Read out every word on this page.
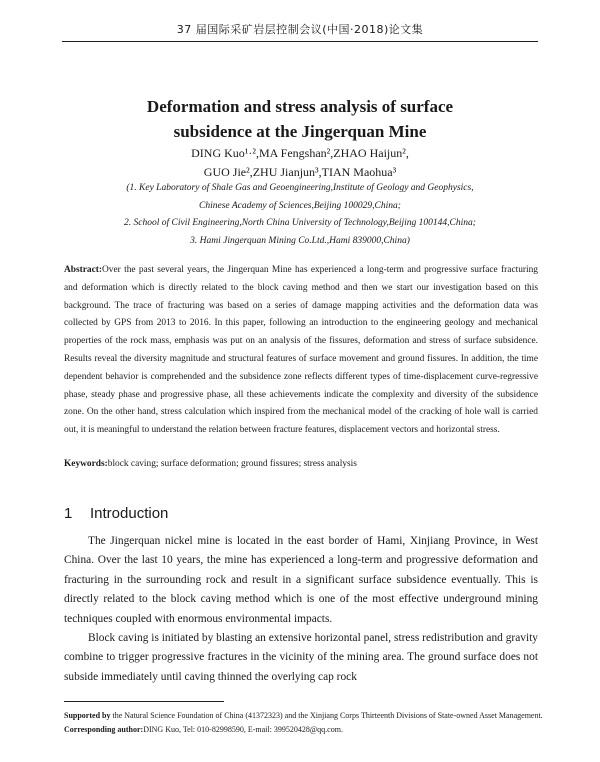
37 届国际采矿岩层控制会议(中国·2018)论文集
Deformation and stress analysis of surface
subsidence at the Jingerquan Mine
DING Kuo¹·²,MA Fengshan²,ZHAO Haijun²,
GUO Jie²,ZHU Jianjun³,TIAN Maohua³
(1. Key Laboratory of Shale Gas and Geoengineering,Institute of Geology and Geophysics,
Chinese Academy of Sciences,Beijing 100029,China;
2. School of Civil Engineering,North China University of Technology,Beijing 100144,China;
3. Hami Jingerquan Mining Co.Ltd.,Hami 839000,China)
Abstract:Over the past several years, the Jingerquan Mine has experienced a long-term and progressive surface fracturing and deformation which is directly related to the block caving method and then we start our investigation based on this background. The trace of fracturing was based on a series of damage mapping activities and the deformation data was collected by GPS from 2013 to 2016. In this paper, following an introduction to the engineering geology and mechanical properties of the rock mass, emphasis was put on an analysis of the fissures, deformation and stress of surface subsidence. Results reveal the diversity magnitude and structural features of surface movement and ground fissures. In addition, the time dependent behavior is comprehended and the subsidence zone reflects different types of time-displacement curve-regressive phase, steady phase and progressive phase, all these achievements indicate the complexity and diversity of the subsidence zone. On the other hand, stress calculation which inspired from the mechanical model of the cracking of hole wall is carried out, it is meaningful to understand the relation between fracture features, displacement vectors and horizontal stress.
Keywords:block caving; surface deformation; ground fissures; stress analysis
1 Introduction

The Jingerquan nickel mine is located in the east border of Hami, Xinjiang Province, in West China. Over the last 10 years, the mine has experienced a long-term and progressive deformation and fracturing in the surrounding rock and result in a significant surface subsidence eventually. This is directly related to the block caving method which is one of the most effective underground mining techniques coupled with enormous environmental impacts.

Block caving is initiated by blasting an extensive horizontal panel, stress redistribution and gravity combine to trigger progressive fractures in the vicinity of the mining area. The ground surface does not subside immediately until caving thinned the overlying cap rock

Supported by the Natural Science Foundation of China (41372323) and the Xinjiang Corps Thirteenth Divisions of State-owned Asset Management.
Corresponding author:DING Kuo, Tel: 010-82998590, E-mail: 399520428@qq.com.
